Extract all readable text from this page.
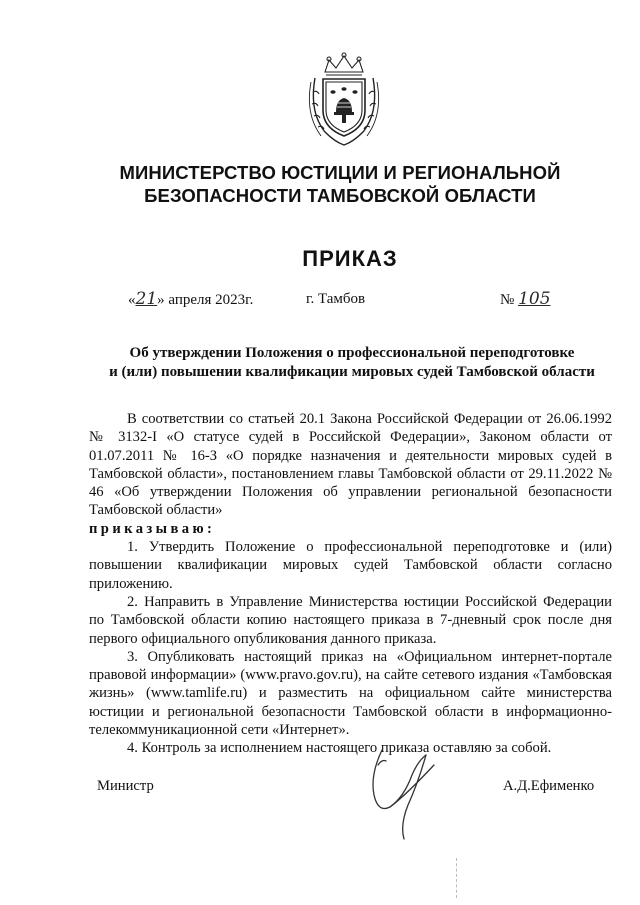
МИНИСТЕРСТВО ЮСТИЦИИ И РЕГИОНАЛЬНОЙ
БЕЗОПАСНОСТИ ТАМБОВСКОЙ ОБЛАСТИ
ПРИКАЗ
«21» апреля 2023г.	г. Тамбов	№ 105
Об утверждении Положения о профессиональной переподготовке
и (или) повышении квалификации мировых судей Тамбовской области

В соответствии со статьей 20.1 Закона Российской Федерации от 26.06.1992 № 3132-I «О статусе судей в Российской Федерации», Законом области от 01.07.2011 № 16-З «О порядке назначения и деятельности мировых судей в Тамбовской области», постановлением главы Тамбовской области от 29.11.2022 № 46 «Об утверждении Положения об управлении региональной безопасности Тамбовской области»

приказываю:

1. Утвердить Положение о профессиональной переподготовке и (или) повышении квалификации мировых судей Тамбовской области согласно приложению.

2. Направить в Управление Министерства юстиции Российской Федерации по Тамбовской области копию настоящего приказа в 7-дневный срок после дня первого официального опубликования данного приказа.

3. Опубликовать настоящий приказ на «Официальном интернет-портале правовой информации» (www.pravo.gov.ru), на сайте сетевого издания «Тамбовская жизнь» (www.tamlife.ru) и разместить на официальном сайте министерства юстиции и региональной безопасности Тамбовской области в информационно- телекоммуникационной сети «Интернет».

4. Контроль за исполнением настоящего приказа оставляю за собой.

Министр	А.Д.Ефименко
